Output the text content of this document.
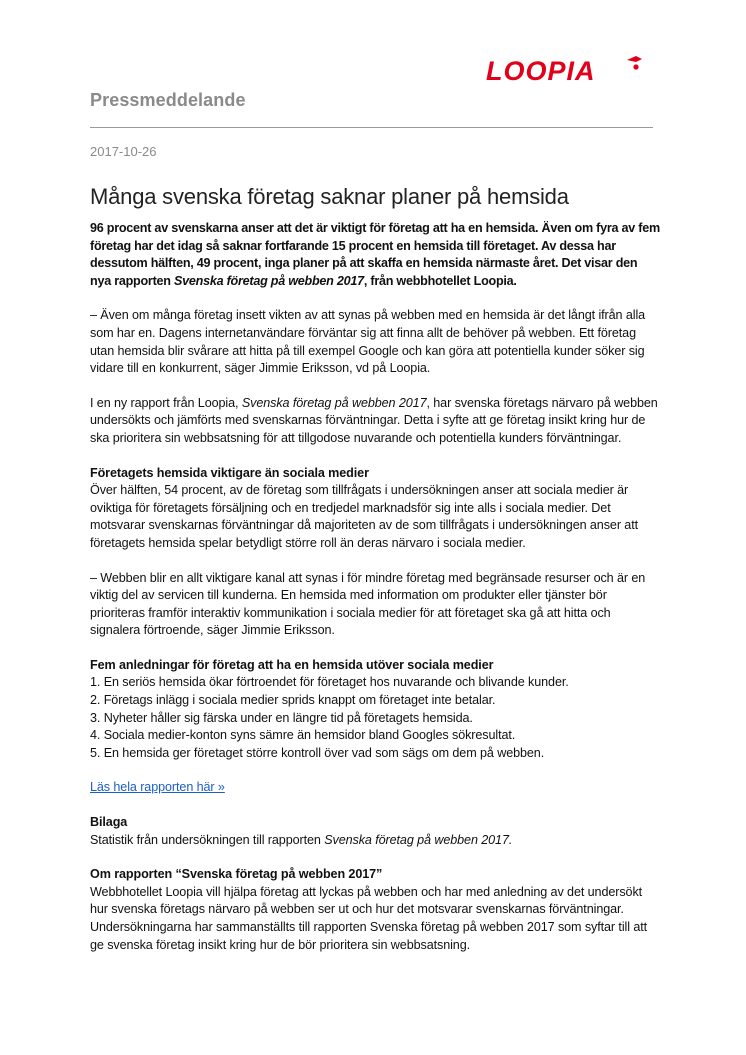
LOOPIA
Pressmeddelande
2017-10-26
Många svenska företag saknar planer på hemsida

96 procent av svenskarna anser att det är viktigt för företag att ha en hemsida. Även om fyra av fem företag har det idag så saknar fortfarande 15 procent en hemsida till företaget. Av dessa har dessutom hälften, 49 procent, inga planer på att skaffa en hemsida närmaste året. Det visar den nya rapporten Svenska företag på webben 2017, från webbhotellet Loopia.

– Även om många företag insett vikten av att synas på webben med en hemsida är det långt ifrån alla som har en. Dagens internetanvändare förväntar sig att finna allt de behöver på webben. Ett företag utan hemsida blir svårare att hitta på till exempel Google och kan göra att potentiella kunder söker sig vidare till en konkurrent, säger Jimmie Eriksson, vd på Loopia.

I en ny rapport från Loopia, Svenska företag på webben 2017, har svenska företags närvaro på webben undersökts och jämförts med svenskarnas förväntningar. Detta i syfte att ge företag insikt kring hur de ska prioritera sin webbsatsning för att tillgodose nuvarande och potentiella kunders förväntningar.

Företagets hemsida viktigare än sociala medier

Över hälften, 54 procent, av de företag som tillfrågats i undersökningen anser att sociala medier är oviktiga för företagets försäljning och en tredjedel marknadsför sig inte alls i sociala medier. Det motsvarar svenskarnas förväntningar då majoriteten av de som tillfrågats i undersökningen anser att företagets hemsida spelar betydligt större roll än deras närvaro i sociala medier.

– Webben blir en allt viktigare kanal att synas i för mindre företag med begränsade resurser och är en viktig del av servicen till kunderna. En hemsida med information om produkter eller tjänster bör prioriteras framför interaktiv kommunikation i sociala medier för att företaget ska gå att hitta och signalera förtroende, säger Jimmie Eriksson.

Fem anledningar för företag att ha en hemsida utöver sociala medier

1. En seriös hemsida ökar förtroendet för företaget hos nuvarande och blivande kunder.
2. Företags inlägg i sociala medier sprids knappt om företaget inte betalar.
3. Nyheter håller sig färska under en längre tid på företagets hemsida.
4. Sociala medier-konton syns sämre än hemsidor bland Googles sökresultat.
5. En hemsida ger företaget större kontroll över vad som sägs om dem på webben.

Läs hela rapporten här »

Bilaga

Statistik från undersökningen till rapporten Svenska företag på webben 2017.

Om rapporten “Svenska företag på webben 2017”

Webbhotellet Loopia vill hjälpa företag att lyckas på webben och har med anledning av det undersökt hur svenska företags närvaro på webben ser ut och hur det motsvarar svenskarnas förväntningar. Undersökningarna har sammanställts till rapporten Svenska företag på webben 2017 som syftar till att ge svenska företag insikt kring hur de bör prioritera sin webbsatsning.
